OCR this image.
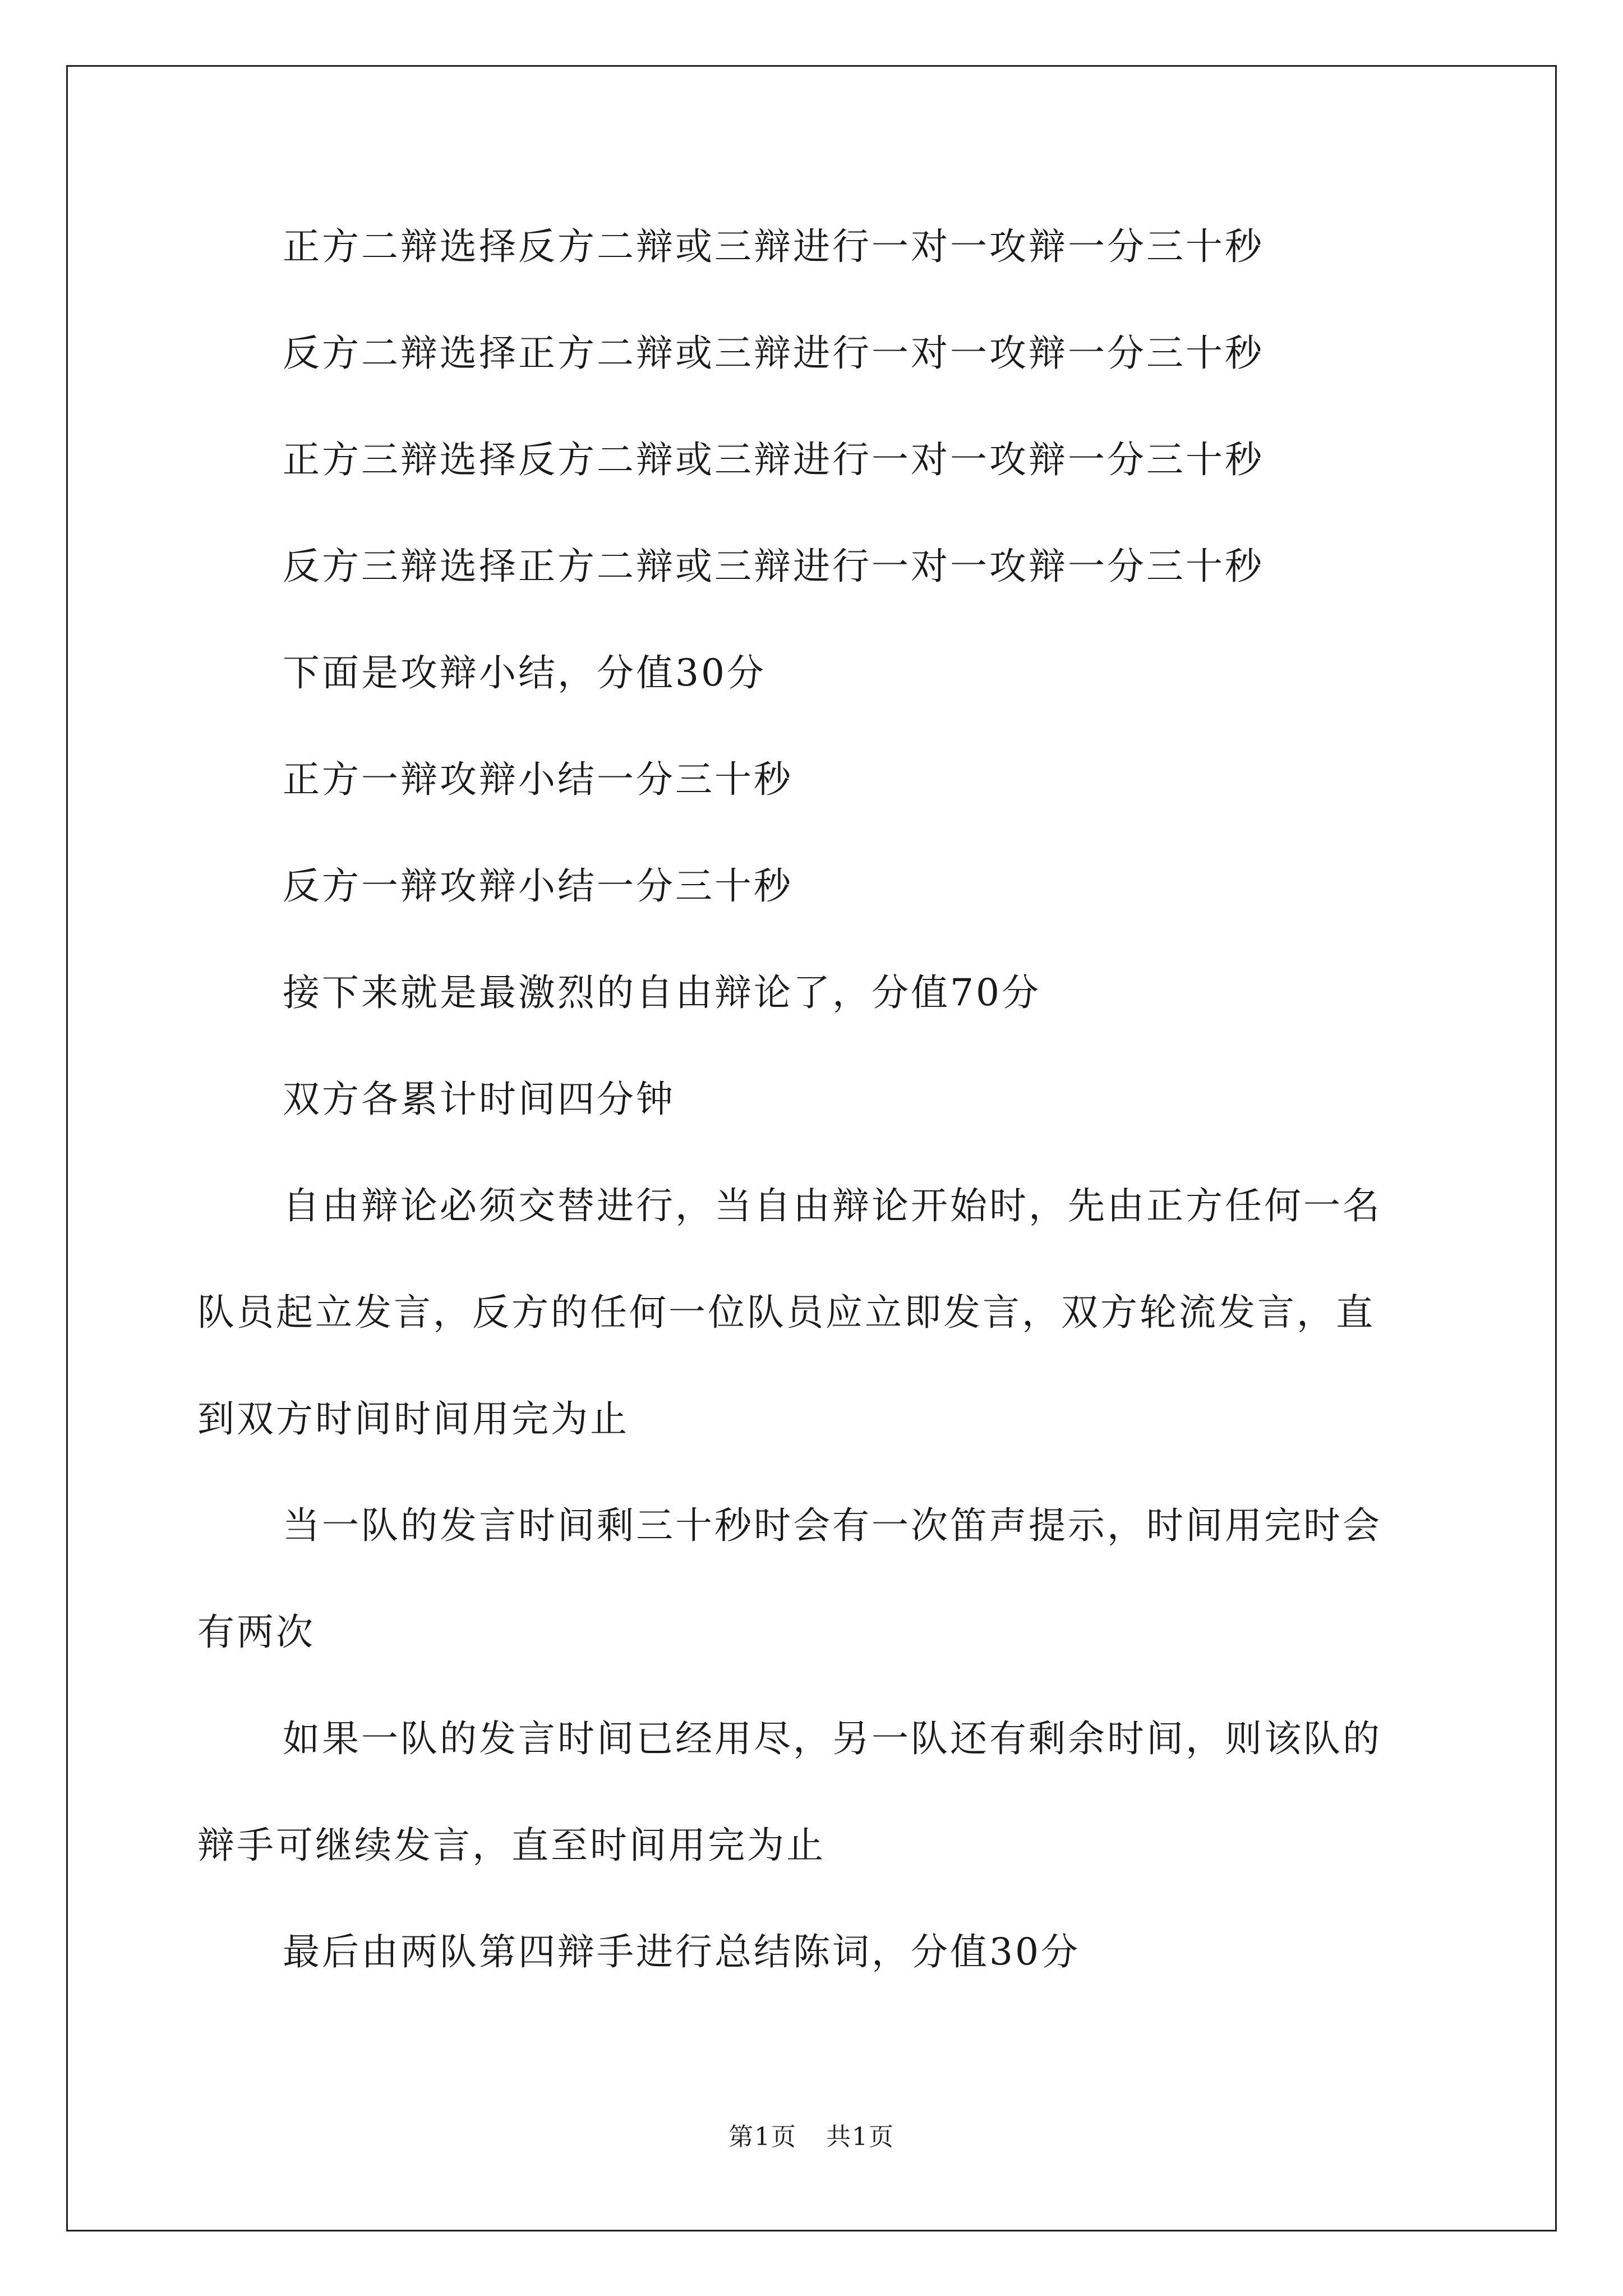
正方二辩选择反方二辩或三辩进行一对一攻辩一分三十秒
反方二辩选择正方二辩或三辩进行一对一攻辩一分三十秒
正方三辩选择反方二辩或三辩进行一对一攻辩一分三十秒
反方三辩选择正方二辩或三辩进行一对一攻辩一分三十秒
下面是攻辩小结，分值30分
正方一辩攻辩小结一分三十秒
反方一辩攻辩小结一分三十秒
接下来就是最激烈的自由辩论了，分值70分
双方各累计时间四分钟
自由辩论必须交替进行，当自由辩论开始时，先由正方任何一名
队员起立发言，反方的任何一位队员应立即发言，双方轮流发言，直
到双方时间时间用完为止
当一队的发言时间剩三十秒时会有一次笛声提示，时间用完时会
有两次
如果一队的发言时间已经用尽，另一队还有剩余时间，则该队的
辩手可继续发言，直至时间用完为止
最后由两队第四辩手进行总结陈词，分值30分
第1页 共1页
